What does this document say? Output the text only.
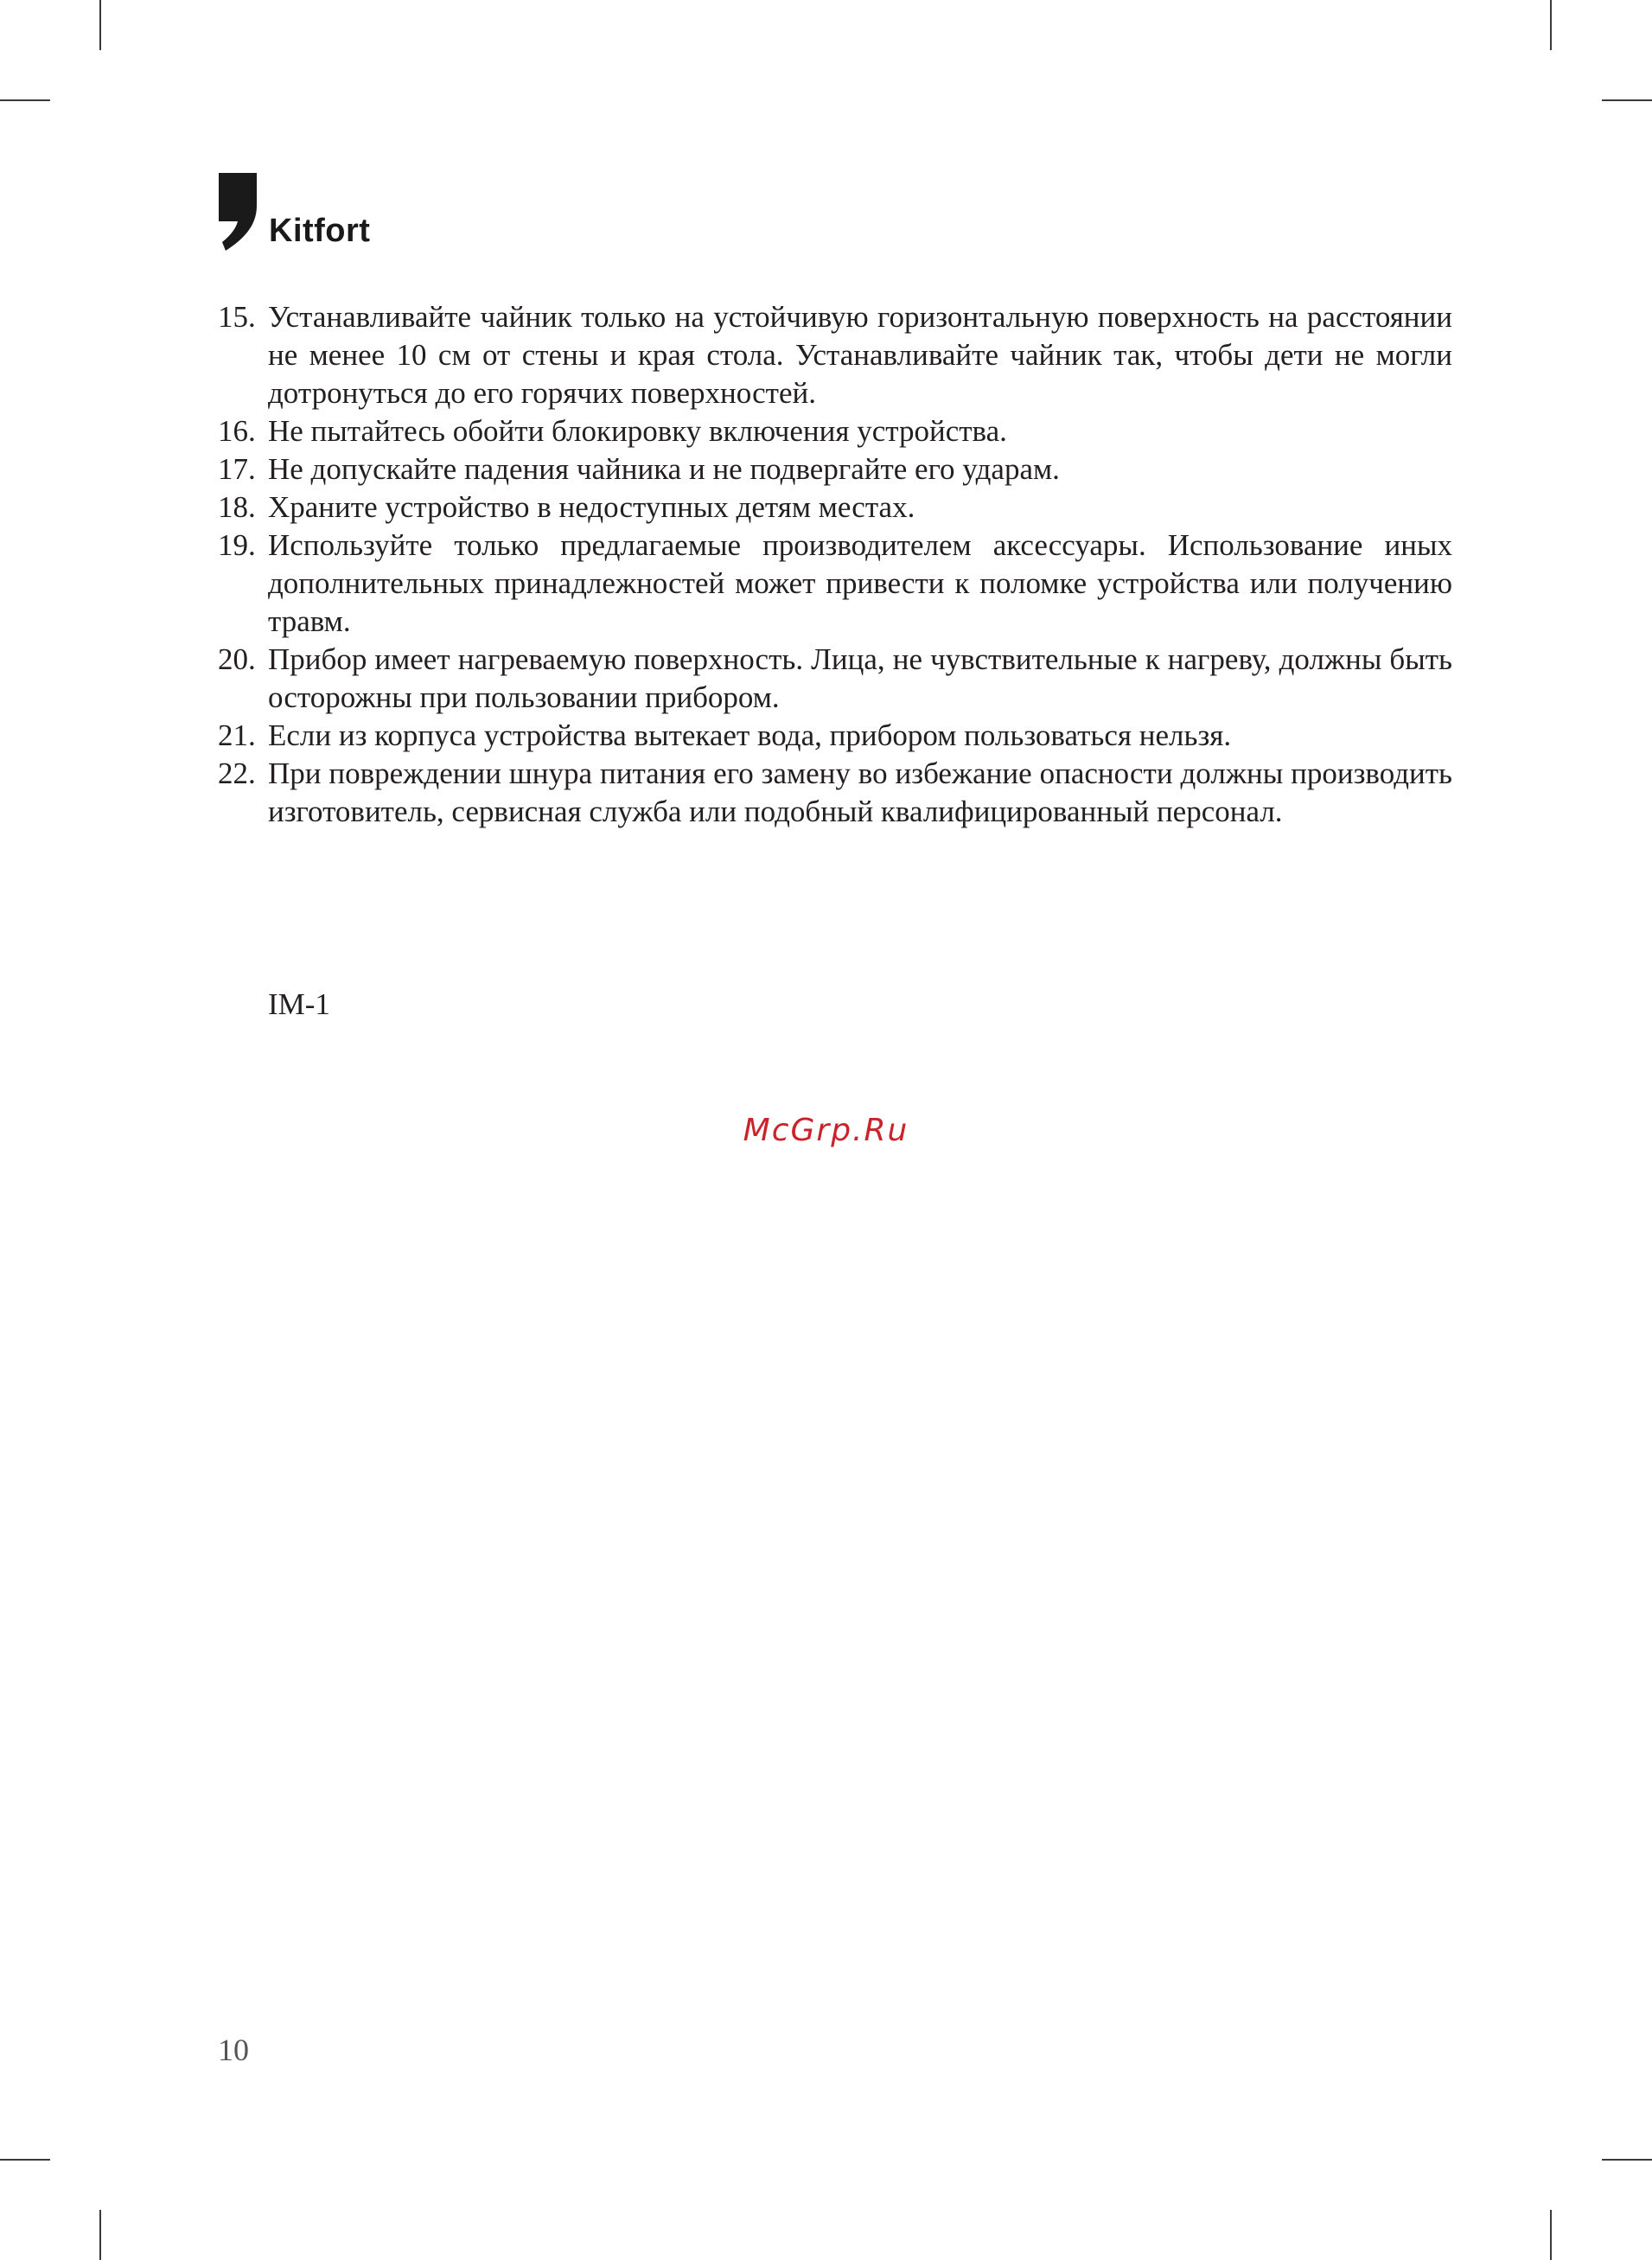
Kitfort
15. Устанавливайте чайник только на устойчивую горизонтальную поверхность на расстоянии не менее 10 см от стены и края стола. Устанавливайте чайник так, чтобы дети не могли дотронуться до его горячих поверхностей.
16. Не пытайтесь обойти блокировку включения устройства.
17. Не допускайте падения чайника и не подвергайте его ударам.
18. Храните устройство в недоступных детям местах.
19. Используйте только предлагаемые производителем аксессуары. Использование иных дополнительных принадлежностей может привести к поломке устройства или получению травм.
20. Прибор имеет нагреваемую поверхность. Лица, не чувствительные к нагреву, должны быть осторожны при пользовании прибором.
21. Если из корпуса устройства вытекает вода, прибором пользоваться нельзя.
22. При повреждении шнура питания его замену во избежание опасности должны производить изготовитель, сервисная служба или подобный квалифицированный персонал.
IM-1
McGrp.Ru
10
